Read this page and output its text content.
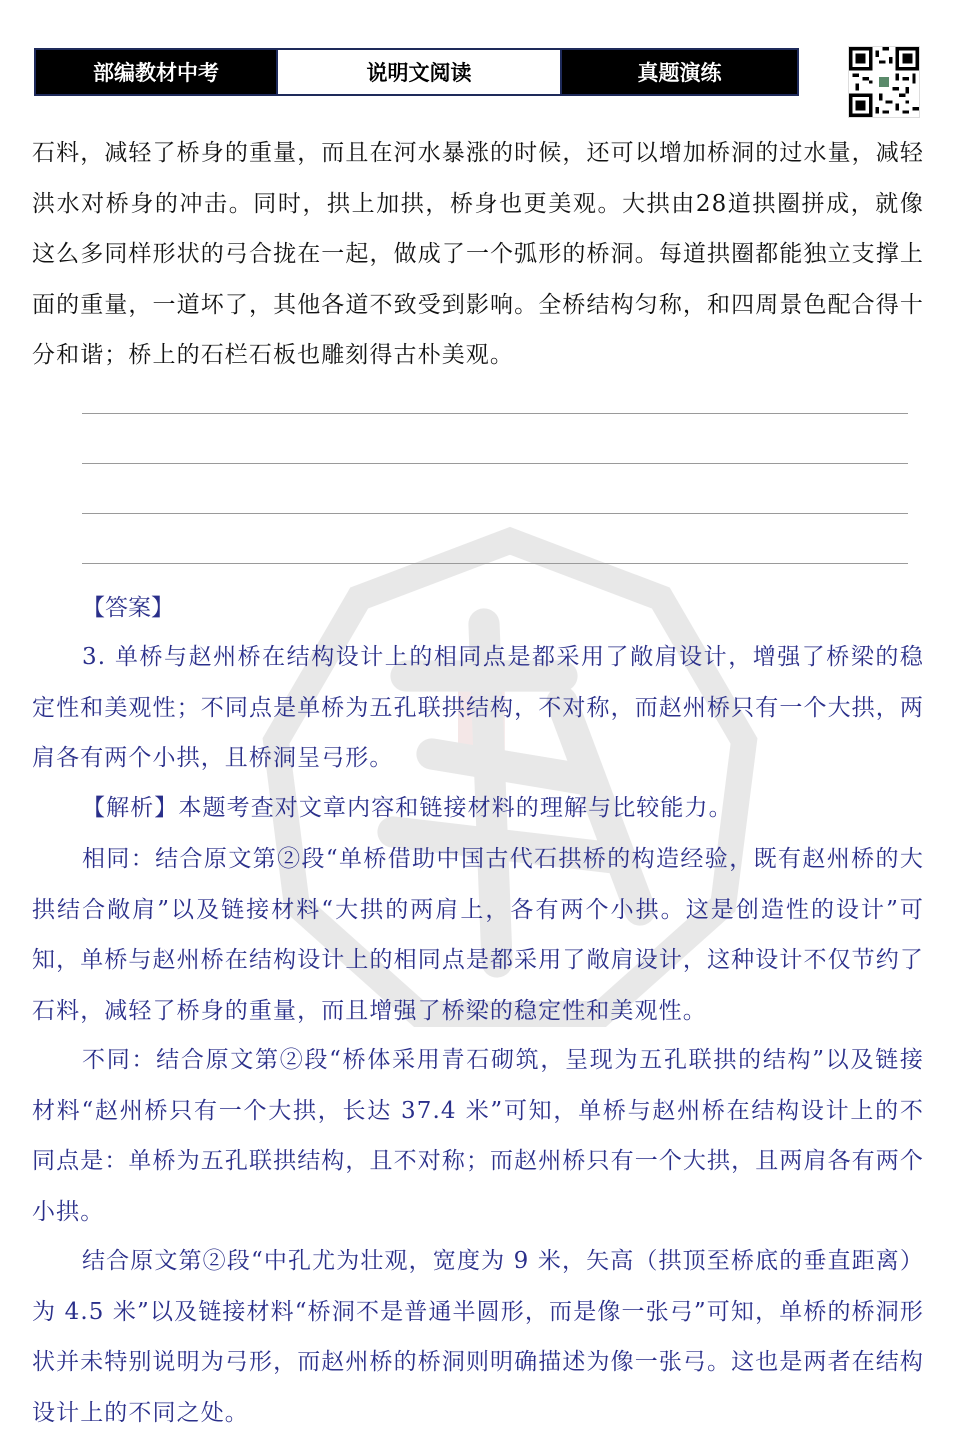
部编教材中考	说明文阅读	真题演练
石料，减轻了桥身的重量，而且在河水暴涨的时候，还可以增加桥洞的过水量，减轻洪水对桥身的冲击。同时，拱上加拱，桥身也更美观。大拱由28道拱圈拼成，就像这么多同样形状的弓合拢在一起，做成了一个弧形的桥洞。每道拱圈都能独立支撑上面的重量，一道坏了，其他各道不致受到影响。全桥结构匀称，和四周景色配合得十分和谐；桥上的石栏石板也雕刻得古朴美观。
【答案】
3. 单桥与赵州桥在结构设计上的相同点是都采用了敞肩设计，增强了桥梁的稳定性和美观性；不同点是单桥为五孔联拱结构，不对称，而赵州桥只有一个大拱，两肩各有两个小拱，且桥洞呈弓形。
【解析】本题考查对文章内容和链接材料的理解与比较能力。
相同：结合原文第②段“单桥借助中国古代石拱桥的构造经验，既有赵州桥的大拱结合敞肩”以及链接材料“大拱的两肩上，各有两个小拱。这是创造性的设计”可知，单桥与赵州桥在结构设计上的相同点是都采用了敞肩设计，这种设计不仅节约了石料，减轻了桥身的重量，而且增强了桥梁的稳定性和美观性。
不同：结合原文第②段“桥体采用青石砌筑，呈现为五孔联拱的结构”以及链接材料“赵州桥只有一个大拱，长达 37.4 米”可知，单桥与赵州桥在结构设计上的不同点是：单桥为五孔联拱结构，且不对称；而赵州桥只有一个大拱，且两肩各有两个小拱。
结合原文第②段“中孔尤为壮观，宽度为 9 米，矢高（拱顶至桥底的垂直距离）为 4.5 米”以及链接材料“桥洞不是普通半圆形，而是像一张弓”可知，单桥的桥洞形状并未特别说明为弓形，而赵州桥的桥洞则明确描述为像一张弓。这也是两者在结构设计上的不同之处。
